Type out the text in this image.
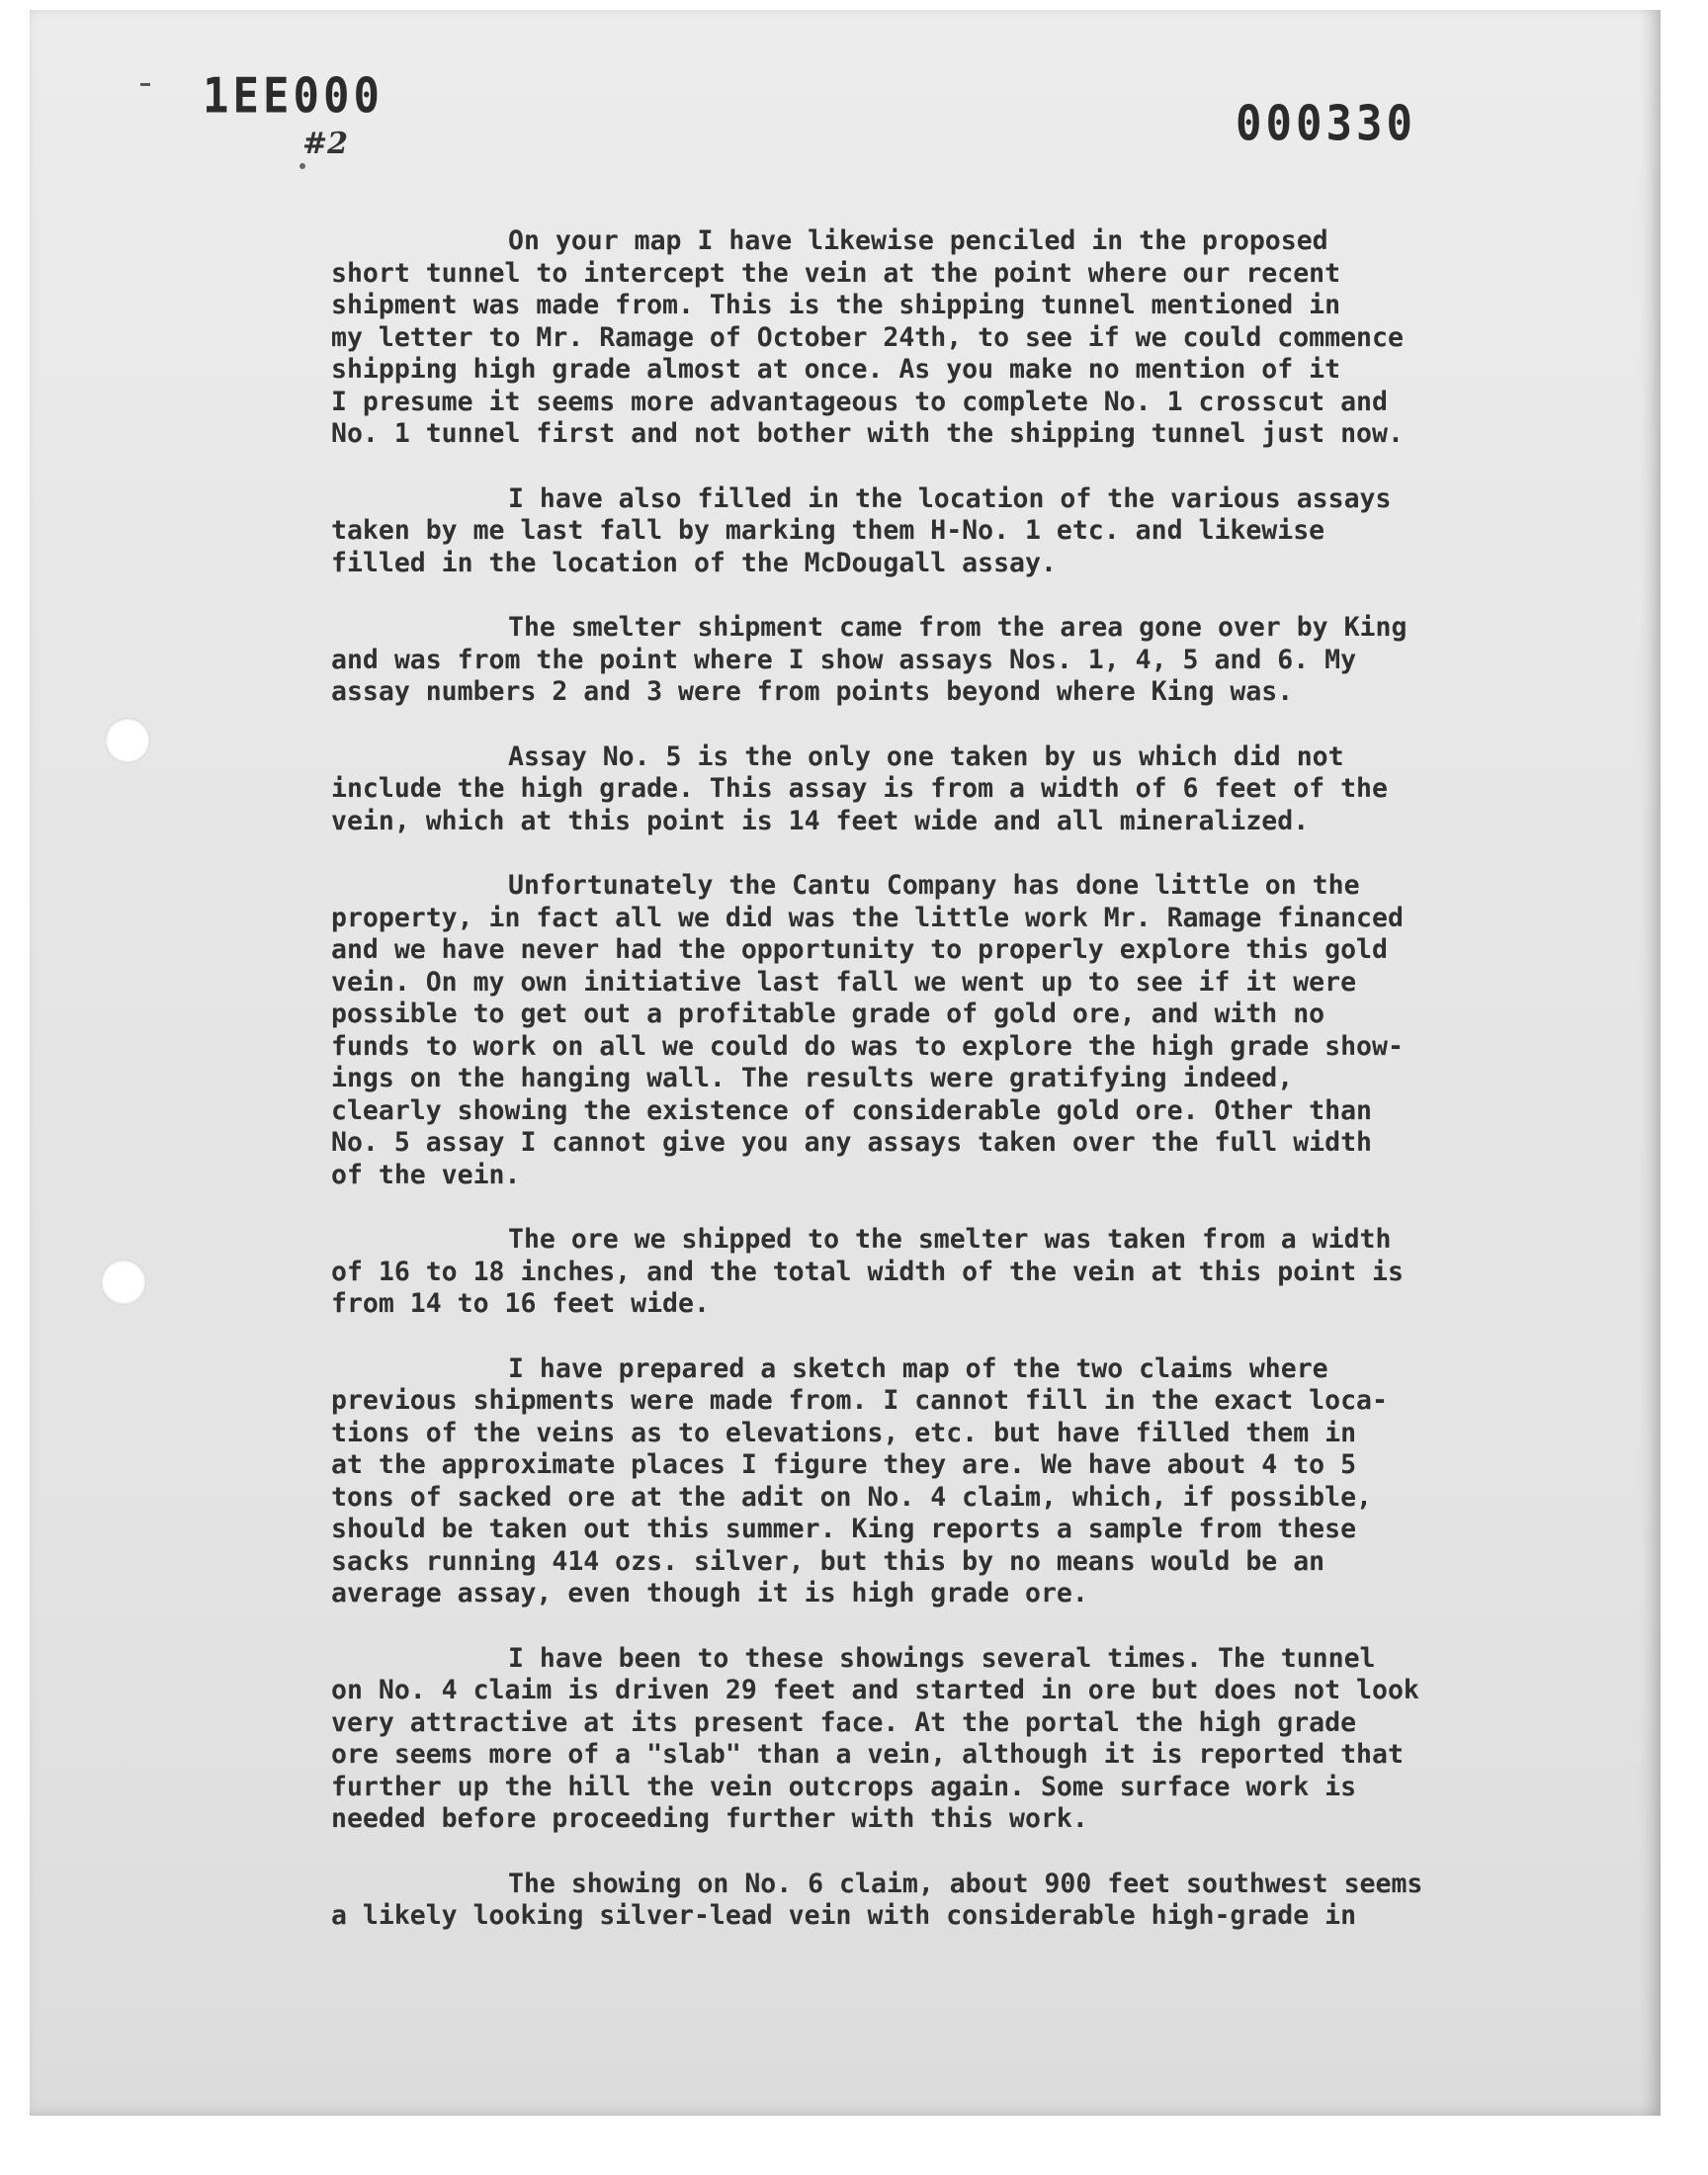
1EE000
#2	000330
On your map I have likewise penciled in the proposed
short tunnel to intercept the vein at the point where our recent
shipment was made from. This is the shipping tunnel mentioned in
my letter to Mr. Ramage of October 24th, to see if we could commence
shipping high grade almost at once. As you make no mention of it
I presume it seems more advantageous to complete No. 1 crosscut and
No. 1 tunnel first and not bother with the shipping tunnel just now.
I have also filled in the location of the various assays
taken by me last fall by marking them H-No. 1 etc. and likewise
filled in the location of the McDougall assay.
The smelter shipment came from the area gone over by King
and was from the point where I show assays Nos. 1, 4, 5 and 6. My
assay numbers 2 and 3 were from points beyond where King was.
Assay No. 5 is the only one taken by us which did not
include the high grade. This assay is from a width of 6 feet of the
vein, which at this point is 14 feet wide and all mineralized.
Unfortunately the Cantu Company has done little on the
property, in fact all we did was the little work Mr. Ramage financed
and we have never had the opportunity to properly explore this gold
vein. On my own initiative last fall we went up to see if it were
possible to get out a profitable grade of gold ore, and with no
funds to work on all we could do was to explore the high grade show-
ings on the hanging wall. The results were gratifying indeed,
clearly showing the existence of considerable gold ore. Other than
No. 5 assay I cannot give you any assays taken over the full width
of the vein.
The ore we shipped to the smelter was taken from a width
of 16 to 18 inches, and the total width of the vein at this point is
from 14 to 16 feet wide.
I have prepared a sketch map of the two claims where
previous shipments were made from. I cannot fill in the exact loca-
tions of the veins as to elevations, etc. but have filled them in
at the approximate places I figure they are. We have about 4 to 5
tons of sacked ore at the adit on No. 4 claim, which, if possible,
should be taken out this summer. King reports a sample from these
sacks running 414 ozs. silver, but this by no means would be an
average assay, even though it is high grade ore.
I have been to these showings several times. The tunnel
on No. 4 claim is driven 29 feet and started in ore but does not look
very attractive at its present face. At the portal the high grade
ore seems more of a "slab" than a vein, although it is reported that
further up the hill the vein outcrops again. Some surface work is
needed before proceeding further with this work.
The showing on No. 6 claim, about 900 feet southwest seems
a likely looking silver-lead vein with considerable high-grade in
